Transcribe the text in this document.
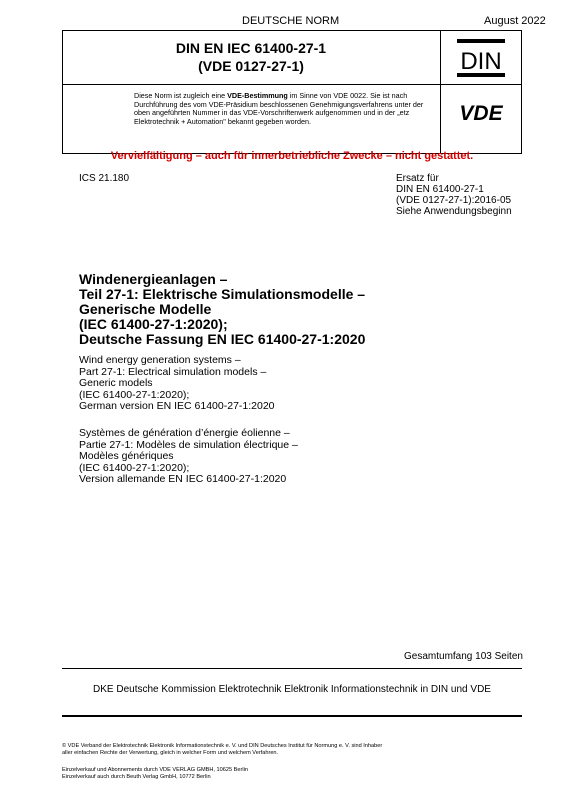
DEUTSCHE NORM	August 2022
DIN EN IEC 61400-27-1
(VDE 0127-27-1)	DIN
Diese Norm ist zugleich eine VDE-Bestimmung im Sinne von VDE 0022. Sie ist nach Durchführung des vom VDE-Präsidium beschlossenen Genehmigungsverfahrens unter der oben angeführten Nummer in das VDE-Vorschriftenwerk aufgenommen und in der „etz Elektrotechnik + Automation" bekannt gegeben worden.	VDE
Vervielfältigung – auch für innerbetriebliche Zwecke – nicht gestattet.
ICS 21.180	Ersatz für
DIN EN 61400-27-1
(VDE 0127-27-1):2016-05
Siehe Anwendungsbeginn
Windenergieanlagen –
Teil 27-1: Elektrische Simulationsmodelle –
Generische Modelle
(IEC 61400-27-1:2020);
Deutsche Fassung EN IEC 61400-27-1:2020
Wind energy generation systems –
Part 27-1: Electrical simulation models –
Generic models
(IEC 61400-27-1:2020);
German version EN IEC 61400-27-1:2020
Systèmes de génération d’énergie éolienne –
Partie 27-1: Modèles de simulation électrique –
Modèles génériques
(IEC 61400-27-1:2020);
Version allemande EN IEC 61400-27-1:2020
Gesamtumfang 103 Seiten
DKE Deutsche Kommission Elektrotechnik Elektronik Informationstechnik in DIN und VDE
© VDE Verband der Elektrotechnik Elektronik Informationstechnik e. V. und DIN Deutsches Institut für Normung e. V. sind Inhaber
aller einfachen Rechte der Verwertung, gleich in welcher Form und welchem Verfahren.
Einzelverkauf und Abonnements durch VDE VERLAG GMBH, 10625 Berlin
Einzelverkauf auch durch Beuth Verlag GmbH, 10772 Berlin
